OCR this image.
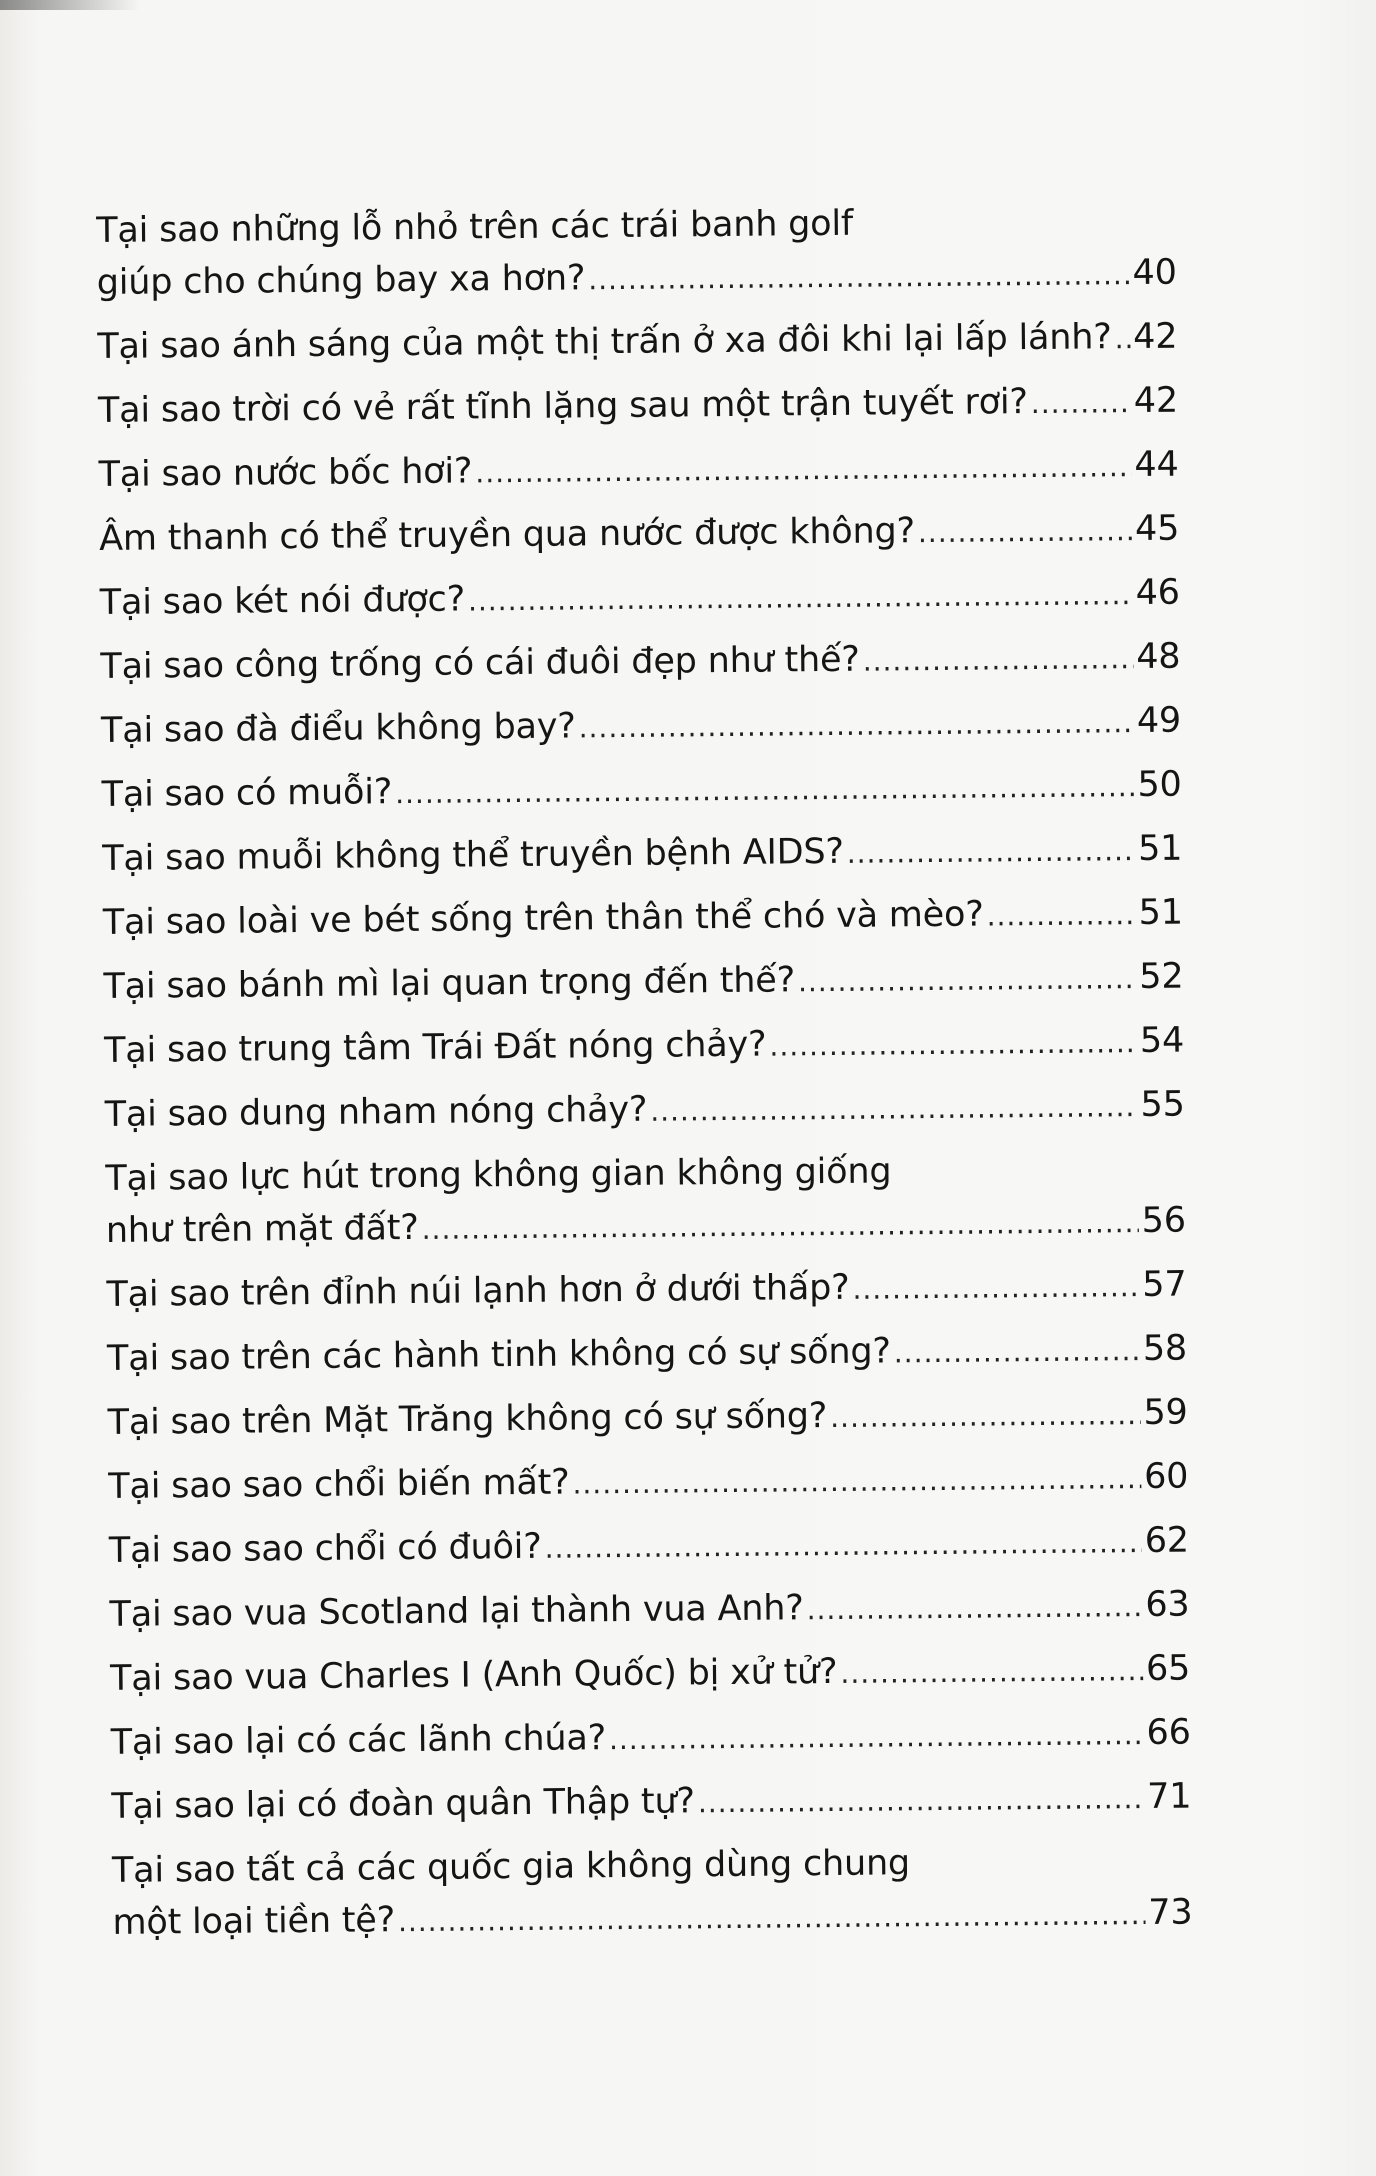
Tại sao những lỗ nhỏ trên các trái banh golf
giúp cho chúng bay xa hơn? .....	40
Tại sao ánh sáng của một thị trấn ở xa đôi khi lại lấp lánh? ..... 42
Tại sao trời có vẻ rất tĩnh lặng sau một trận tuyết rơi? .....	42
Tại sao nước bốc hơi? .....	44
Âm thanh có thể truyền qua nước được không? .....	45
Tại sao két nói được? .....	46
Tại sao công trống có cái đuôi đẹp như thế? .....	48
Tại sao đà điểu không bay? .....	49
Tại sao có muỗi? .....	50
Tại sao muỗi không thể truyền bệnh AIDS? .....	51
Tại sao loài ve bét sống trên thân thể chó và mèo? .....	51
Tại sao bánh mì lại quan trọng đến thế? .....	52
Tại sao trung tâm Trái Đất nóng chảy? .....	54
Tại sao dung nham nóng chảy? .....	55
Tại sao lực hút trong không gian không giống
như trên mặt đất? .....	56
Tại sao trên đỉnh núi lạnh hơn ở dưới thấp? .....	57
Tại sao trên các hành tinh không có sự sống? .....	58
Tại sao trên Mặt Trăng không có sự sống? .....	59
Tại sao sao chổi biến mất? .....	60
Tại sao sao chổi có đuôi? .....	62
Tại sao vua Scotland lại thành vua Anh? .....	63
Tại sao vua Charles I (Anh Quốc) bị xử tử? .....	65
Tại sao lại có các lãnh chúa? .....	66
Tại sao lại có đoàn quân Thập tự? .....	71
Tại sao tất cả các quốc gia không dùng chung
một loại tiền tệ? .....	73
